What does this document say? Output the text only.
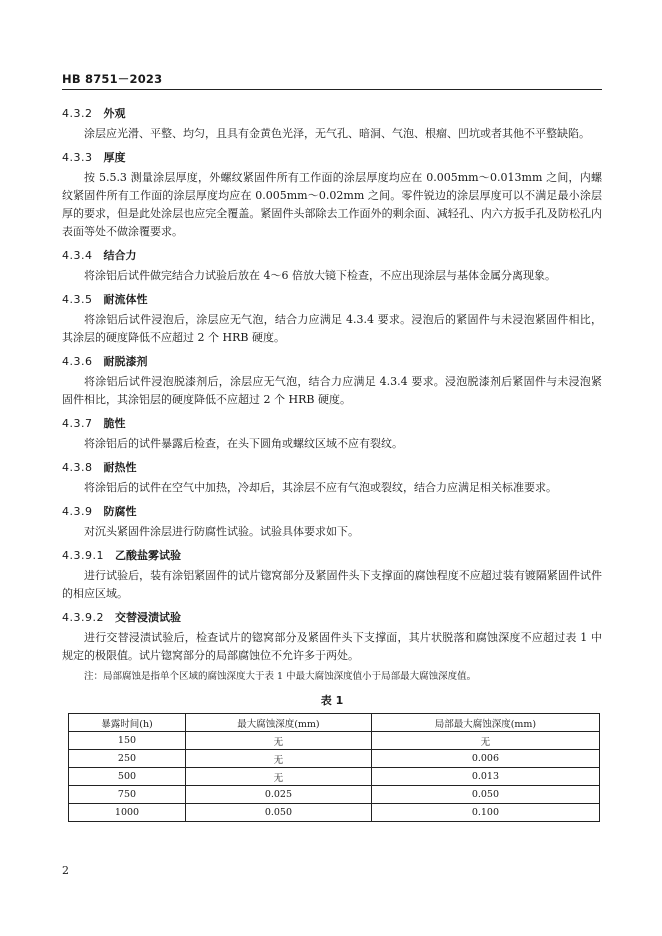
HB 8751－2023
4.3.2 外观

涂层应光滑、平整、均匀，且具有金黄色光泽，无气孔、暗洞、气泡、根瘤、凹坑或者其他不平整缺陷。

4.3.3 厚度

按 5.5.3 测量涂层厚度，外螺纹紧固件所有工作面的涂层厚度均应在 0.005mm～0.013mm 之间，内螺纹紧固件所有工作面的涂层厚度均应在 0.005mm～0.02mm 之间。零件锐边的涂层厚度可以不满足最小涂层厚的要求，但是此处涂层也应完全覆盖。紧固件头部除去工作面外的剩余面、减轻孔、内六方扳手孔及防松孔内表面等处不做涂覆要求。

4.3.4 结合力

将涂铝后试件做完结合力试验后放在 4～6 倍放大镜下检查，不应出现涂层与基体金属分离现象。

4.3.5 耐流体性

将涂铝后试件浸泡后，涂层应无气泡，结合力应满足 4.3.4 要求。浸泡后的紧固件与未浸泡紧固件相比，其涂层的硬度降低不应超过 2 个 HRB 硬度。

4.3.6 耐脱漆剂

将涂铝后试件浸泡脱漆剂后，涂层应无气泡，结合力应满足 4.3.4 要求。浸泡脱漆剂后紧固件与未浸泡紧固件相比，其涂铝层的硬度降低不应超过 2 个 HRB 硬度。

4.3.7 脆性

将涂铝后的试件暴露后检查，在头下圆角或螺纹区域不应有裂纹。

4.3.8 耐热性

将涂铝后的试件在空气中加热，冷却后，其涂层不应有气泡或裂纹，结合力应满足相关标准要求。

4.3.9 防腐性

对沉头紧固件涂层进行防腐性试验。试验具体要求如下。

4.3.9.1 乙酸盐雾试验

进行试验后，装有涂铝紧固件的试片锪窝部分及紧固件头下支撑面的腐蚀程度不应超过装有镀隔紧固件试件的相应区域。

4.3.9.2 交替浸渍试验

进行交替浸渍试验后，检查试片的锪窝部分及紧固件头下支撑面，其片状脱落和腐蚀深度不应超过表 1 中规定的极限值。试片锪窝部分的局部腐蚀位不允许多于两处。

注：局部腐蚀是指单个区域的腐蚀深度大于表 1 中最大腐蚀深度值小于局部最大腐蚀深度值。

表 1
暴露时间(h)	最大腐蚀深度(mm)	局部最大腐蚀深度(mm)
150	无	无
250	无	0.006
500	无	0.013
750	0.025	0.050
1000	0.050	0.100
2
